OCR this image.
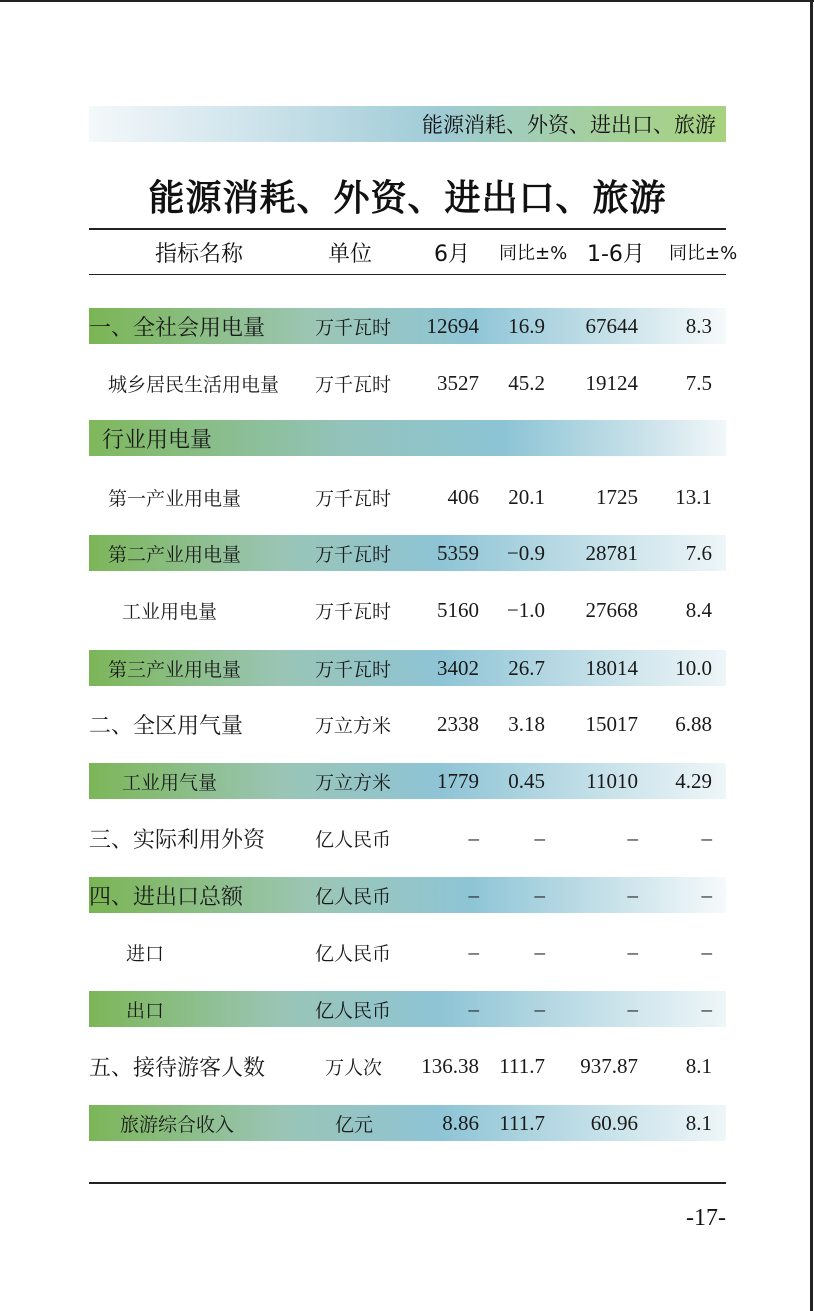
能源消耗、外资、进出口、旅游
能源消耗、外资、进出口、旅游
指标名称	单位	6月 同比±% 1-6月 同比±%
一、全社会用电量	万千瓦时 12694 16.9 67644 8.3
城乡居民生活用电量 万千瓦时 3527 45.2 19124 7.5
行业用电量
第一产业用电量	万千瓦时	406 20.1 1725 13.1
第二产业用电量	万千瓦时 5359 −0.9 28781 7.6
工业用电量	万千瓦时 5160 −1.0 27668 8.4
第三产业用电量	万千瓦时 3402 26.7 18014 10.0
二、全区用气量	万立方米 2338 3.18 15017 6.88
工业用气量	万立方米 1779 0.45 11010 4.29
三、实际利用外资	亿人民币	–	–	–	–
四、进出口总额	亿人民币	–	–	–	–
进口	亿人民币	–	–	–	–
出口	亿人民币	–	–	–	–
五、接待游客人数	万人次 136.38 111.7 937.87 8.1
旅游综合收入	亿元	8.86 111.7 60.96 8.1
-17-
